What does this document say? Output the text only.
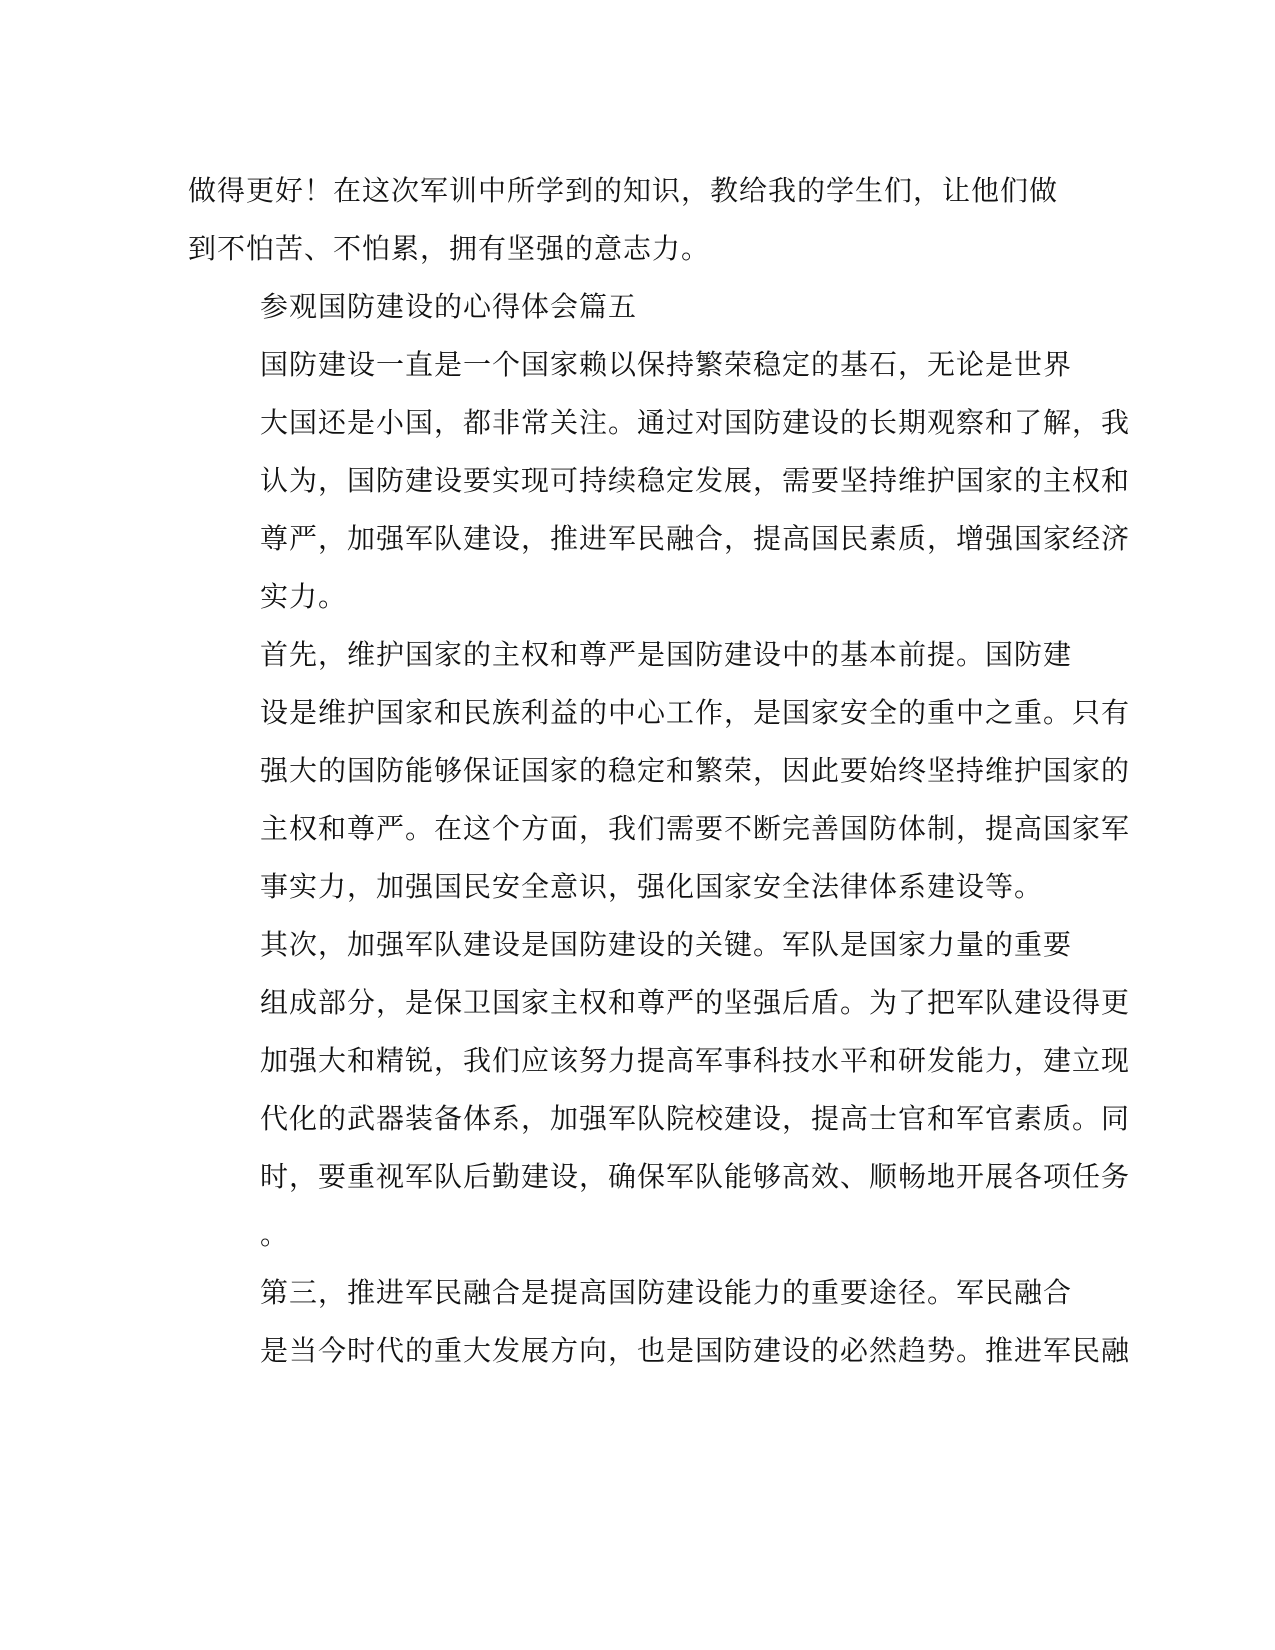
做得更好！在这次军训中所学到的知识，教给我的学生们，让他们做
到不怕苦、不怕累，拥有坚强的意志力。

参观国防建设的心得体会篇五

国防建设一直是一个国家赖以保持繁荣稳定的基石，无论是世界
大国还是小国，都非常关注。通过对国防建设的长期观察和了解，我
认为，国防建设要实现可持续稳定发展，需要坚持维护国家的主权和
尊严，加强军队建设，推进军民融合，提高国民素质，增强国家经济
实力。

首先，维护国家的主权和尊严是国防建设中的基本前提。国防建
设是维护国家和民族利益的中心工作，是国家安全的重中之重。只有
强大的国防能够保证国家的稳定和繁荣，因此要始终坚持维护国家的
主权和尊严。在这个方面，我们需要不断完善国防体制，提高国家军
事实力，加强国民安全意识，强化国家安全法律体系建设等。

其次，加强军队建设是国防建设的关键。军队是国家力量的重要
组成部分，是保卫国家主权和尊严的坚强后盾。为了把军队建设得更
加强大和精锐，我们应该努力提高军事科技水平和研发能力，建立现
代化的武器装备体系，加强军队院校建设，提高士官和军官素质。同
时，要重视军队后勤建设，确保军队能够高效、顺畅地开展各项任务
。

第三，推进军民融合是提高国防建设能力的重要途径。军民融合
是当今时代的重大发展方向，也是国防建设的必然趋势。推进军民融
